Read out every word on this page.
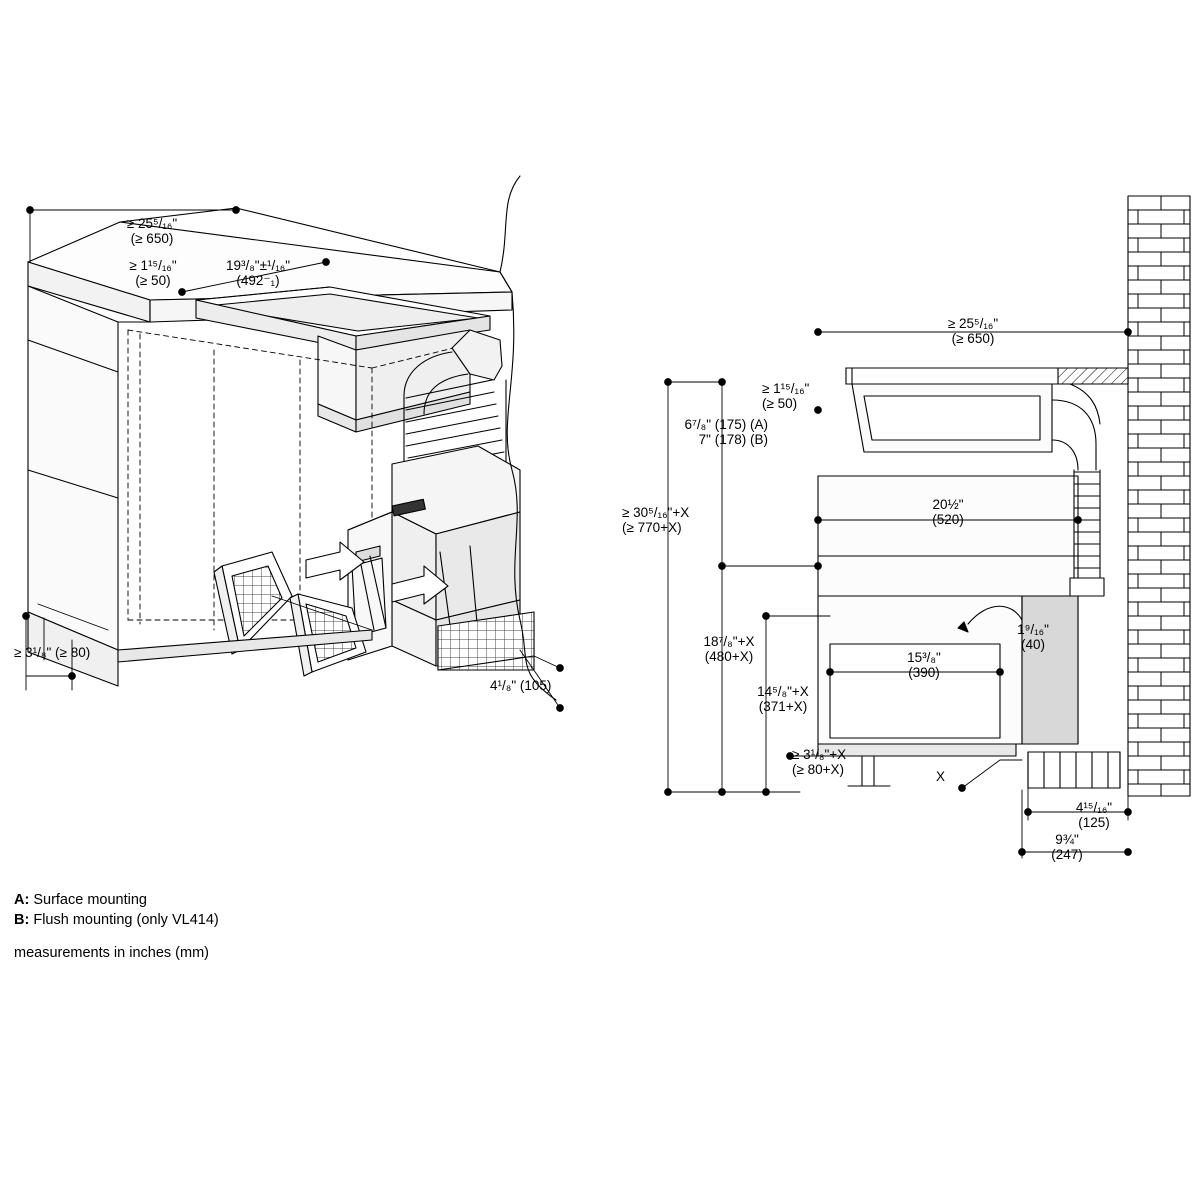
≥ 25⁵/₁₆"
(≥ 650)
≥ 1¹⁵/₁₆"
(≥ 50)
19³/₈"±¹/₁₆"
(492⁻₁)
≥ 3¹/₈" (≥ 80)
4¹/₈" (105)
≥ 25⁵/₁₆"
(≥ 650)
≥ 1¹⁵/₁₆"
(≥ 50)
6⁷/₈" (175) (A)
7" (178) (B)
≥ 30⁵/₁₆"+X
(≥ 770+X)
20½"
(520)
18⁷/₈"+X
(480+X)
14⁵/₈"+X
(371+X)
15³/₈"
(390)
1⁹/₁₆"
(40)
≥ 3¹/₈"+X
(≥ 80+X)	X
4¹⁵/₁₆"
(125)
9¾"
(247)
A: Surface mounting
B: Flush mounting (only VL414)
measurements in inches (mm)
